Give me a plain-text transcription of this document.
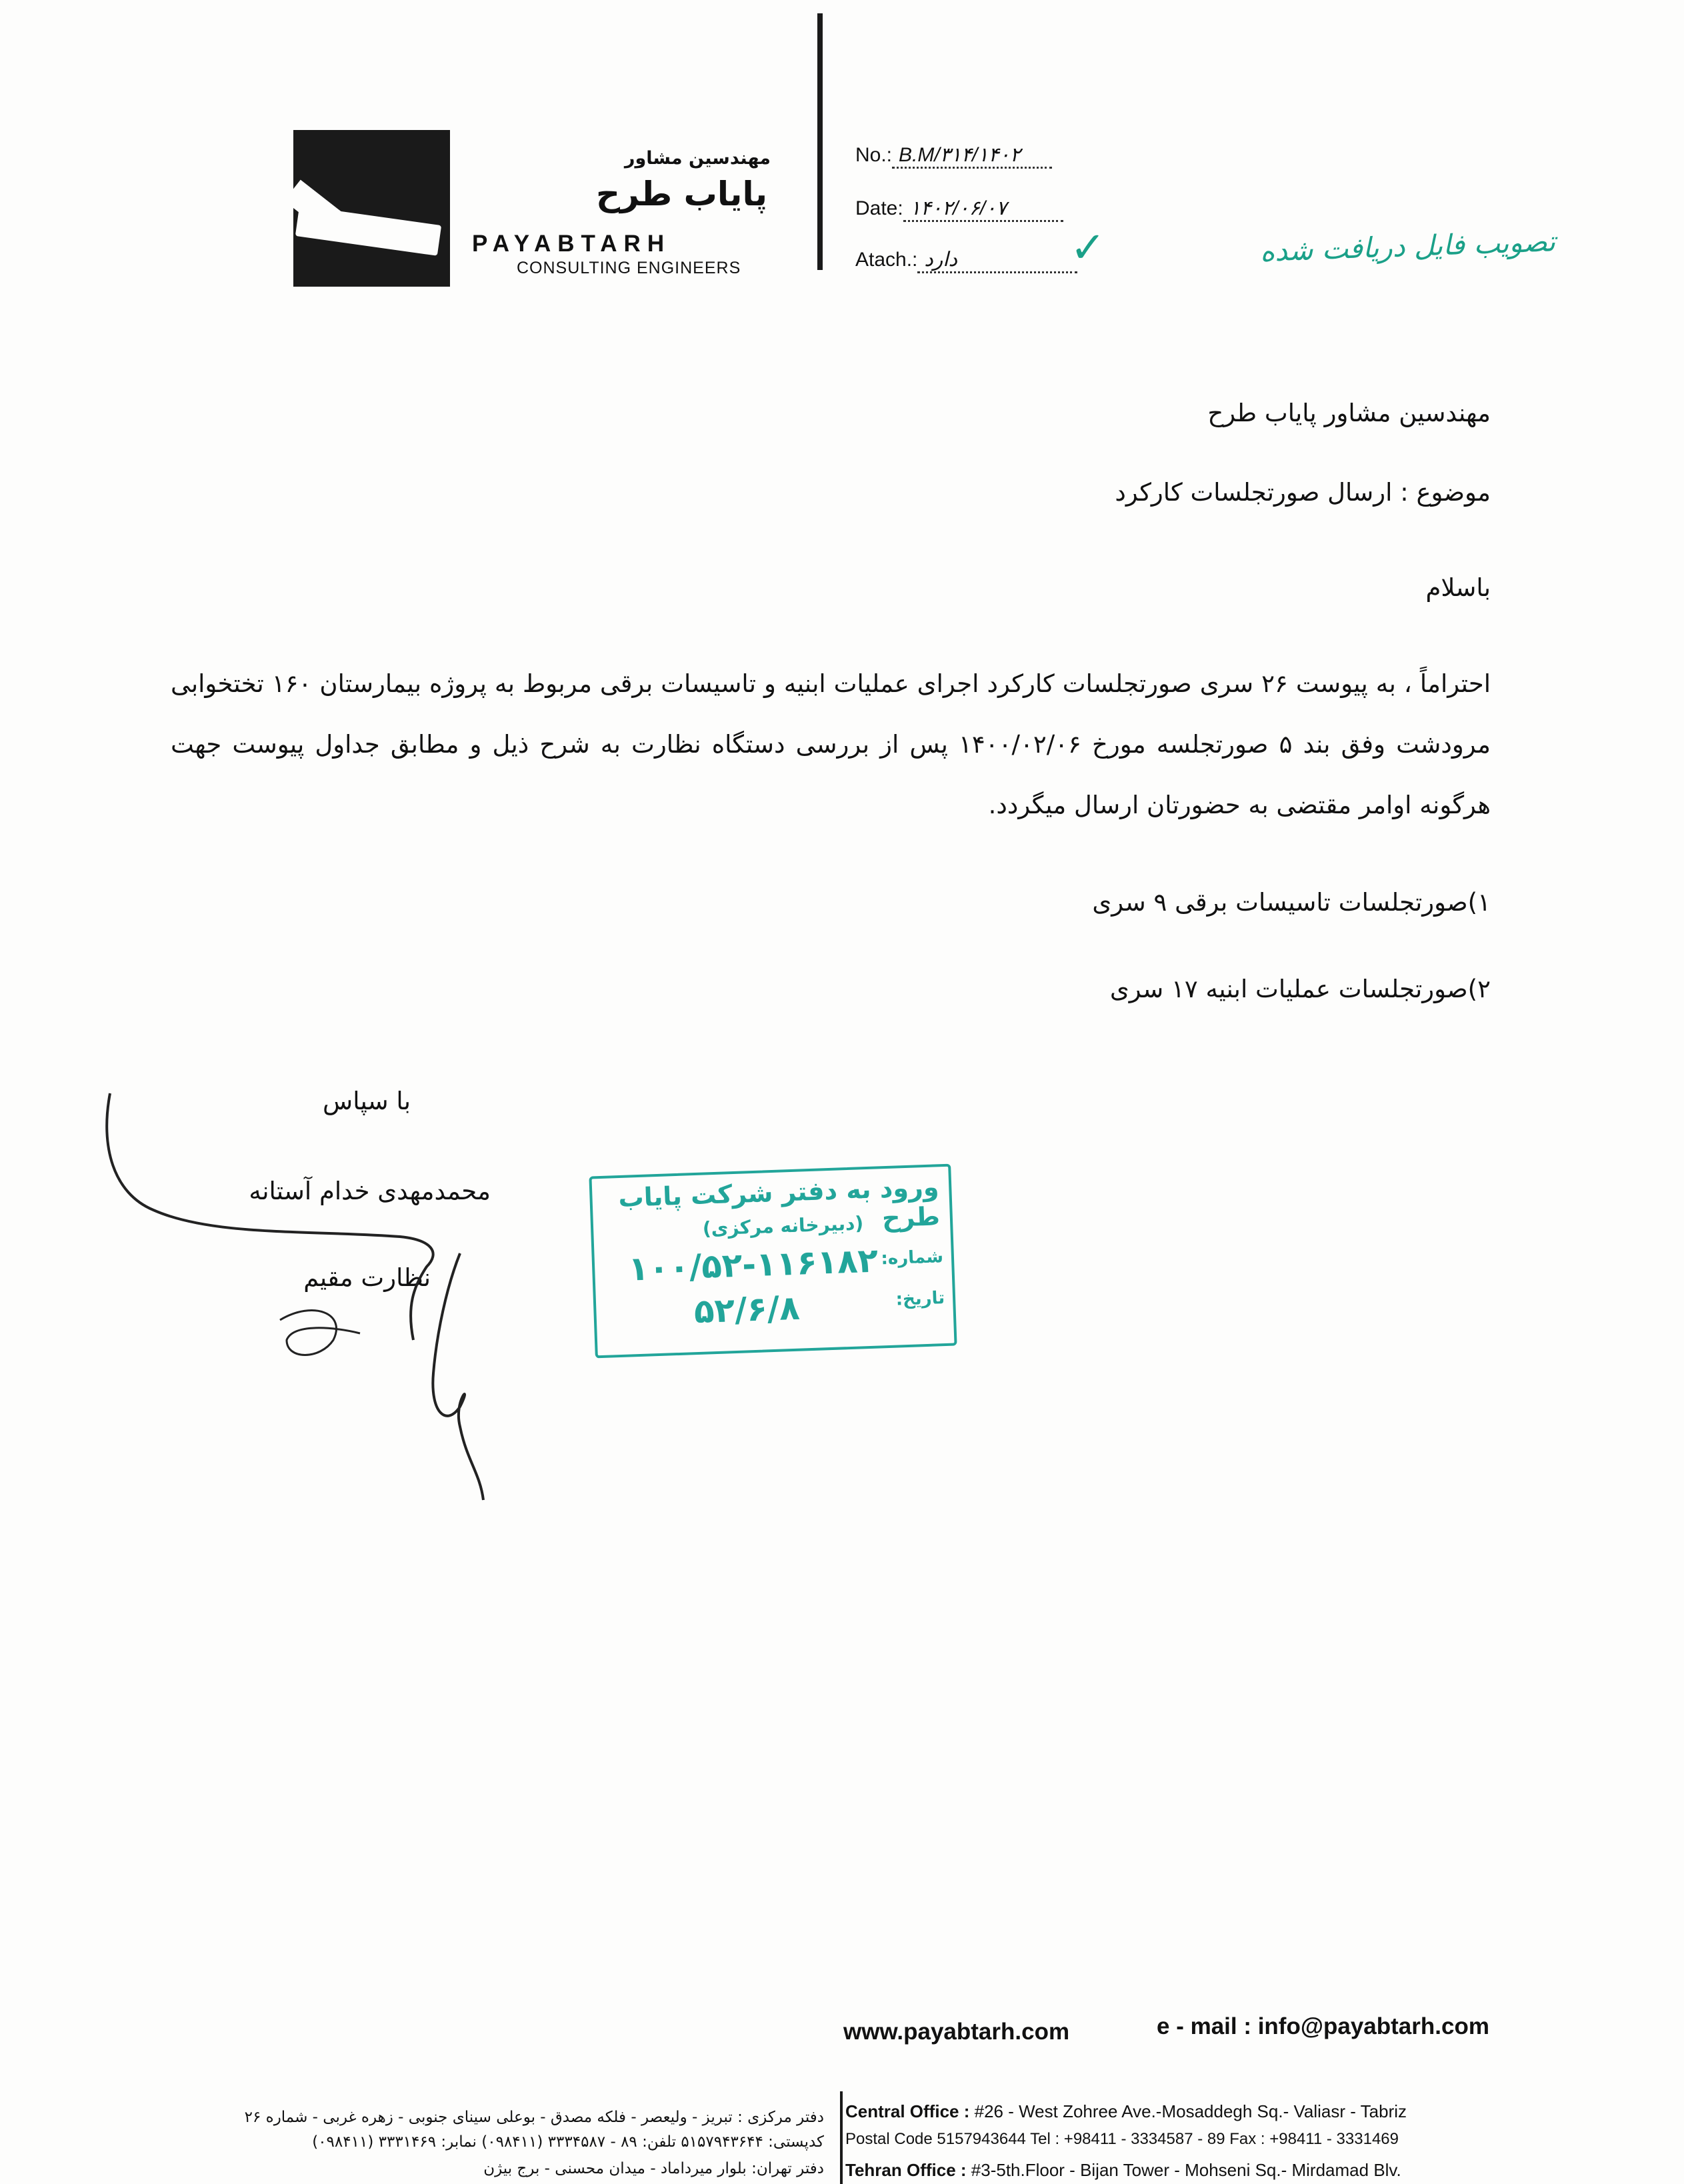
مهندسین مشاور
پایاب طرح
PAYABTARH
CONSULTING ENGINEERS
No.: B.M/۳۱۴/۱۴۰۲
Date: ۱۴۰۲/۰۶/۰۷
Atach.: دارد	✓	تصویب فایل دریافت شده
مهندسین مشاور پایاب طرح
موضوع : ارسال صورتجلسات کارکرد
باسلام
احتراماً ، به پیوست ۲۶ سری صورتجلسات کارکرد اجرای عملیات ابنیه و تاسیسات برقی مربوط به پروژه بیمارستان ۱۶۰ تختخوابی مرودشت وفق بند ۵ صورتجلسه مورخ ۱۴۰۰/۰۲/۰۶ پس از بررسی دستگاه نظارت به شرح ذیل و مطابق جداول پیوست جهت هرگونه اوامر مقتضی به حضورتان ارسال میگردد.
۱)صورتجلسات تاسیسات برقی ۹ سری
۲)صورتجلسات عملیات ابنیه ۱۷ سری
با سپاس
محمدمهدی خدام آستانه
نظارت مقیم
ورود به دفتر شرکت پایاب طرح
(دبیرخانه مرکزی)
شماره:
۱۰۰/۵۲-۱۱۶۱۸۲
تاریخ:
۵۲/۶/۸
www.payabtarh.com	e - mail : info@payabtarh.com
Central Office : #26 - West Zohree Ave.-Mosaddegh Sq.- Valiasr - Tabriz
Postal Code 5157943644 Tel : +98411 - 3334587 - 89 Fax : +98411 - 3331469
Tehran Office : #3-5th.Floor - Bijan Tower - Mohseni Sq.- Mirdamad Blv.
دفتر مرکزی : تبریز - ولیعصر - فلکه مصدق - بوعلی سینای جنوبی - زهره غربی - شماره ۲۶
کدپستی: ۵۱۵۷۹۴۳۶۴۴ تلفن: ۸۹ - ۳۳۳۴۵۸۷ (۰۹۸۴۱۱) نمابر: ۳۳۳۱۴۶۹ (۰۹۸۴۱۱)
دفتر تهران: بلوار میرداماد - میدان محسنی - برج بیژن
